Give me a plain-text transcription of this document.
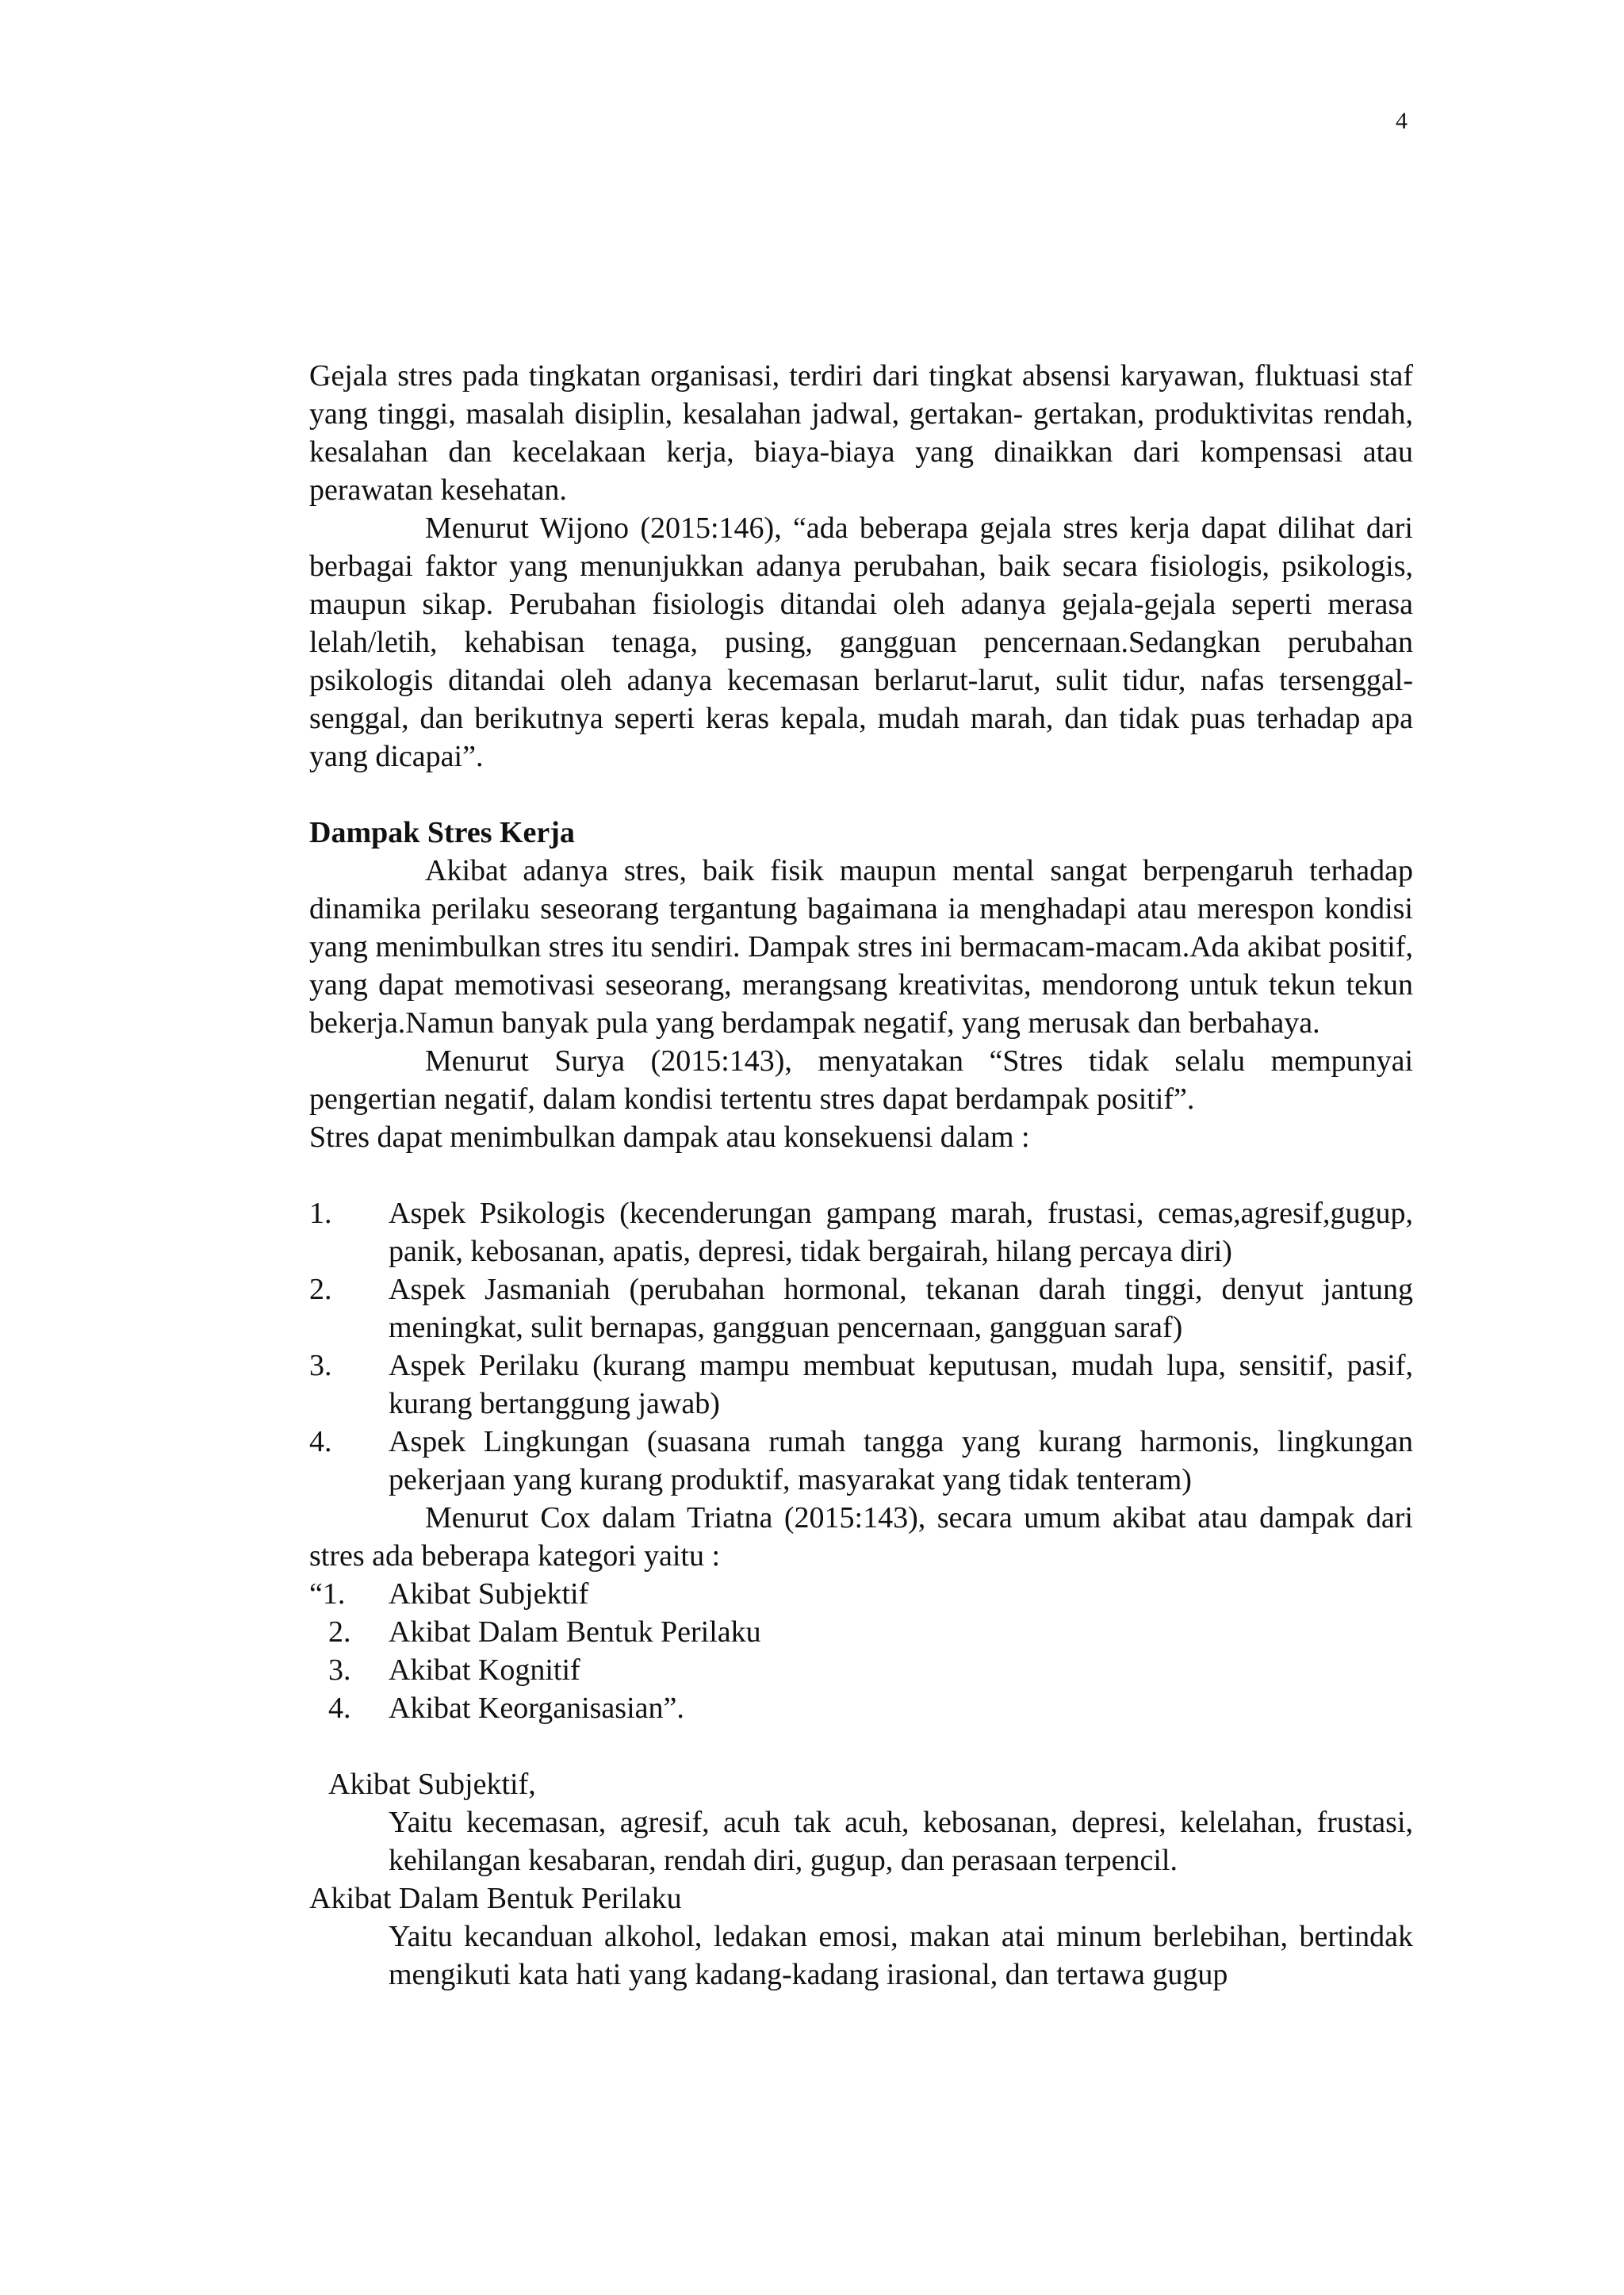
4

Gejala stres pada tingkatan organisasi, terdiri dari tingkat absensi karyawan, fluktuasi staf yang tinggi, masalah disiplin, kesalahan jadwal, gertakan- gertakan, produktivitas rendah, kesalahan dan kecelakaan kerja, biaya-biaya yang dinaikkan dari kompensasi atau perawatan kesehatan.

Menurut Wijono (2015:146), “ada beberapa gejala stres kerja dapat dilihat dari berbagai faktor yang menunjukkan adanya perubahan, baik secara fisiologis, psikologis, maupun sikap. Perubahan fisiologis ditandai oleh adanya gejala-gejala seperti merasa lelah/letih, kehabisan tenaga, pusing, gangguan pencernaan.Sedangkan perubahan psikologis ditandai oleh adanya kecemasan berlarut-larut, sulit tidur, nafas tersenggal-senggal, dan berikutnya seperti keras kepala, mudah marah, dan tidak puas terhadap apa yang dicapai”.

Dampak Stres Kerja

Akibat adanya stres, baik fisik maupun mental sangat berpengaruh terhadap dinamika perilaku seseorang tergantung bagaimana ia menghadapi atau merespon kondisi yang menimbulkan stres itu sendiri. Dampak stres ini bermacam-macam.Ada akibat positif, yang dapat memotivasi seseorang, merangsang kreativitas, mendorong untuk tekun tekun bekerja.Namun banyak pula yang berdampak negatif, yang merusak dan berbahaya.

Menurut Surya (2015:143), menyatakan “Stres tidak selalu mempunyai pengertian negatif, dalam kondisi tertentu stres dapat berdampak positif”.

Stres dapat menimbulkan dampak atau konsekuensi dalam :

1. Aspek Psikologis (kecenderungan gampang marah, frustasi, cemas,agresif,gugup, panik, kebosanan, apatis, depresi, tidak bergairah, hilang percaya diri)
2. Aspek Jasmaniah (perubahan hormonal, tekanan darah tinggi, denyut jantung meningkat, sulit bernapas, gangguan pencernaan, gangguan saraf)
3. Aspek Perilaku (kurang mampu membuat keputusan, mudah lupa, sensitif, pasif, kurang bertanggung jawab)
4. Aspek Lingkungan (suasana rumah tangga yang kurang harmonis, lingkungan pekerjaan yang kurang produktif, masyarakat yang tidak tenteram)

Menurut Cox dalam Triatna (2015:143), secara umum akibat atau dampak dari stres ada beberapa kategori yaitu :

“1. Akibat Subjektif
2. Akibat Dalam Bentuk Perilaku
3. Akibat Kognitif
4. Akibat Keorganisasian”.

Akibat Subjektif,

Yaitu kecemasan, agresif, acuh tak acuh, kebosanan, depresi, kelelahan, frustasi, kehilangan kesabaran, rendah diri, gugup, dan perasaan terpencil.

Akibat Dalam Bentuk Perilaku

Yaitu kecanduan alkohol, ledakan emosi, makan atai minum berlebihan, bertindak mengikuti kata hati yang kadang-kadang irasional, dan tertawa gugup
